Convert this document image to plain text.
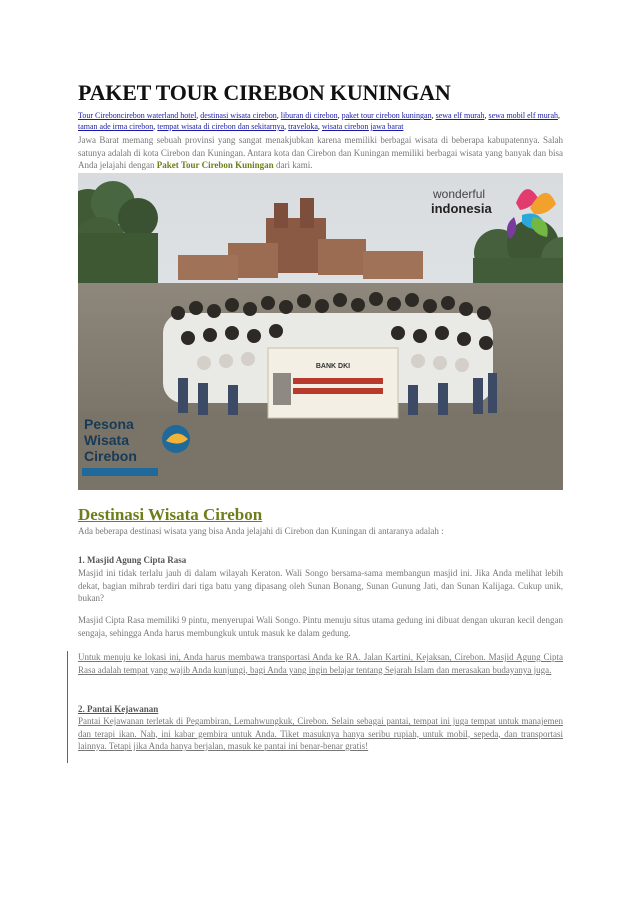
PAKET TOUR CIREBON KUNINGAN
Tour Cireboncirebon waterland hotel, destinasi wisata cirebon, liburan di cirebon, paket tour cirebon kuningan, sewa elf murah, sewa mobil elf murah, taman ade irma cirebon, tempat wisata di cirebon dan sekitarnya, traveloka, wisata cirebon jawa barat

Jawa Barat memang sebuah provinsi yang sangat menakjubkan karena memiliki berbagai wisata di beberapa kabupatennya. Salah satunya adalah di kota Cirebon dan Kuningan. Antara kota dan Cirebon dan Kuningan memiliki berbagai wisata yang banyak dan bisa Anda jelajahi dengan Paket Tour Cirebon Kuningan dari kami.

BANK DKI
wonderful
indonesia
Pesona
Wisata
Cirebon
Destinasi Wisata Cirebon

Ada beberapa destinasi wisata yang bisa Anda jelajahi di Cirebon dan Kuningan di antaranya adalah :

1. Masjid Agung Cipta Rasa

Masjid ini tidak terlalu jauh di dalam wilayah Keraton. Wali Songo bersama-sama membangun masjid ini. Jika Anda melihat lebih dekat, bagian mihrab terdiri dari tiga batu yang dipasang oleh Sunan Bonang, Sunan Gunung Jati, dan Sunan Kalijaga. Cukup unik, bukan?

Masjid Cipta Rasa memiliki 9 pintu, menyerupai Wali Songo. Pintu menuju situs utama gedung ini dibuat dengan ukuran kecil dengan sengaja, sehingga Anda harus membungkuk untuk masuk ke dalam gedung.

Untuk menuju ke lokasi ini, Anda harus membawa transportasi Anda ke RA. Jalan Kartini, Kejaksan, Cirebon. Masjid Agung Cipta Rasa adalah tempat yang wajib Anda kunjungi, bagi Anda yang ingin belajar tentang Sejarah Islam dan merasakan budayanya juga.

2. Pantai Kejawanan

Pantai Kejawanan terletak di Pegambiran, Lemahwungkuk, Cirebon. Selain sebagai pantai, tempat ini juga tempat untuk manajemen dan terapi ikan. Nah, ini kabar gembira untuk Anda. Tiket masuknya hanya seribu rupiah, untuk mobil, sepeda, dan transportasi lainnya. Tetapi jika Anda hanya berjalan, masuk ke pantai ini benar-benar gratis!
